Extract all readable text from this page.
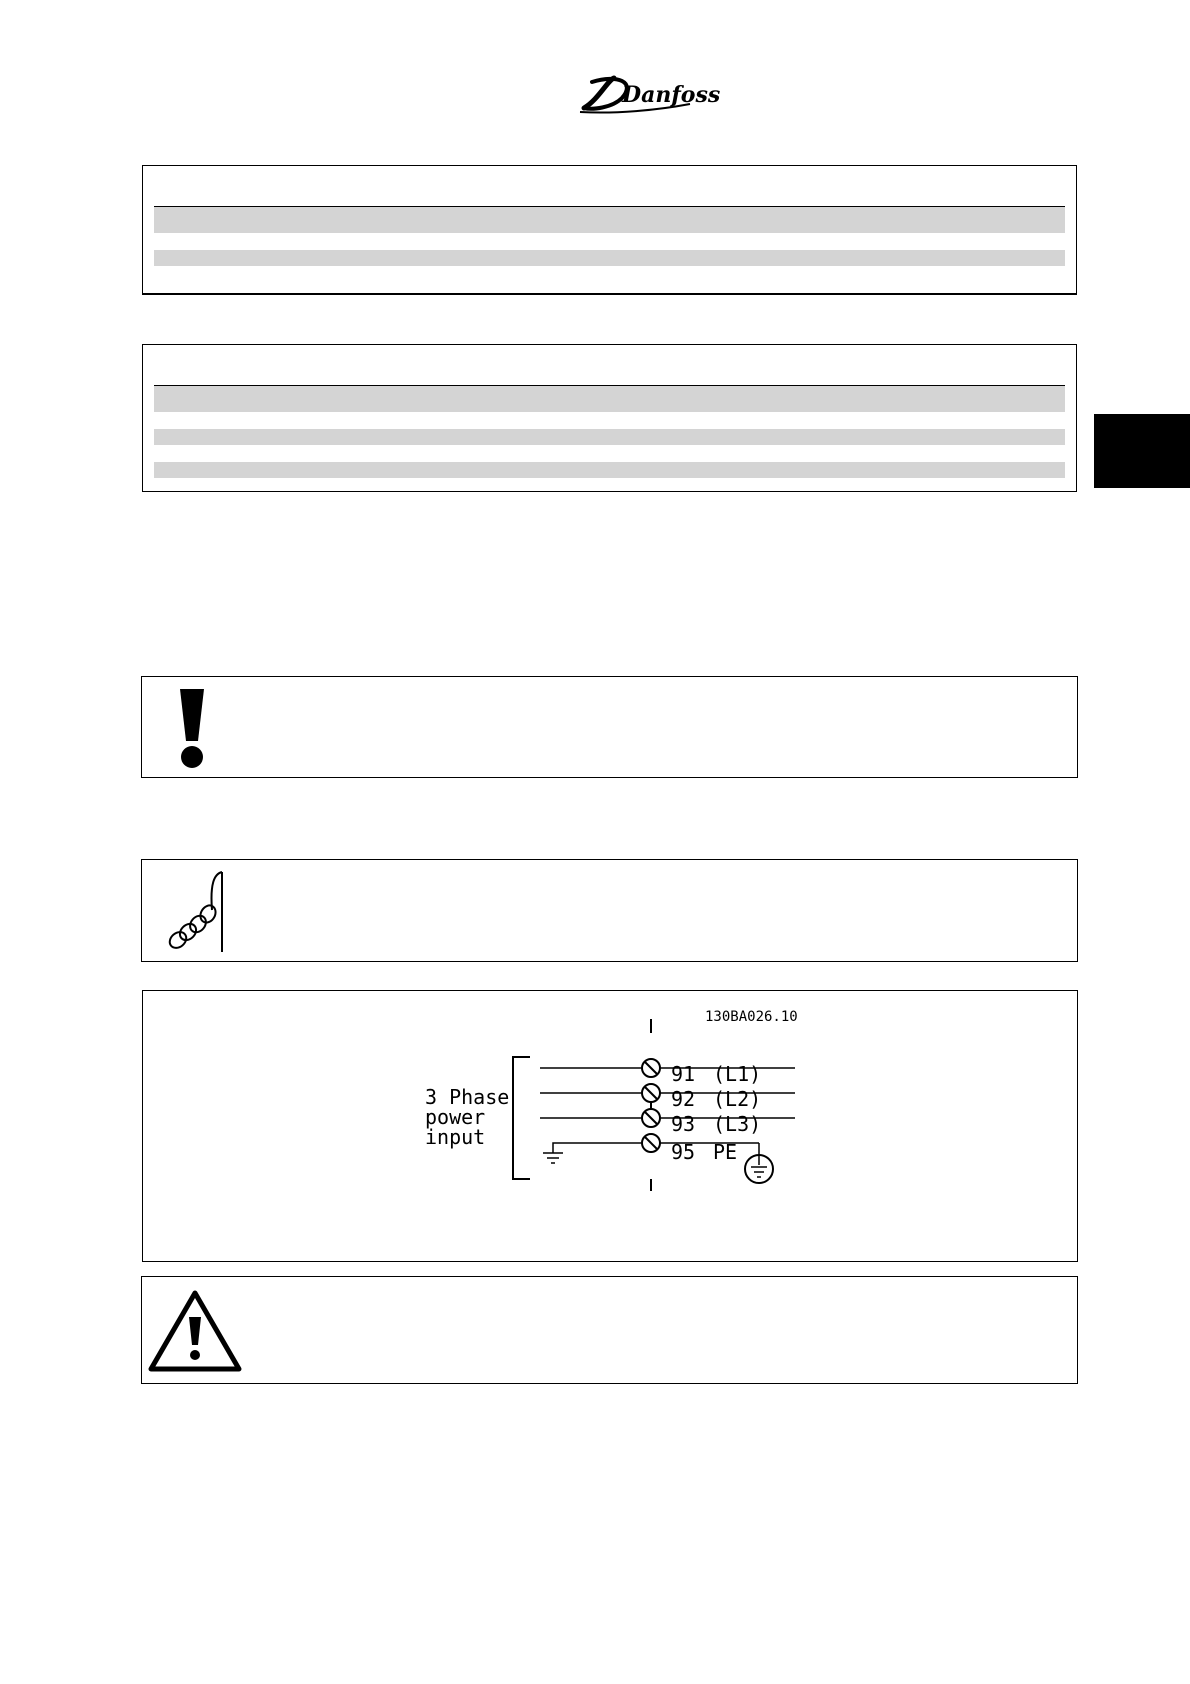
Danfoss
130BA026.10
3 Phase
power
input
91 (L1)
92 (L2)
93 (L3)
95 PE
